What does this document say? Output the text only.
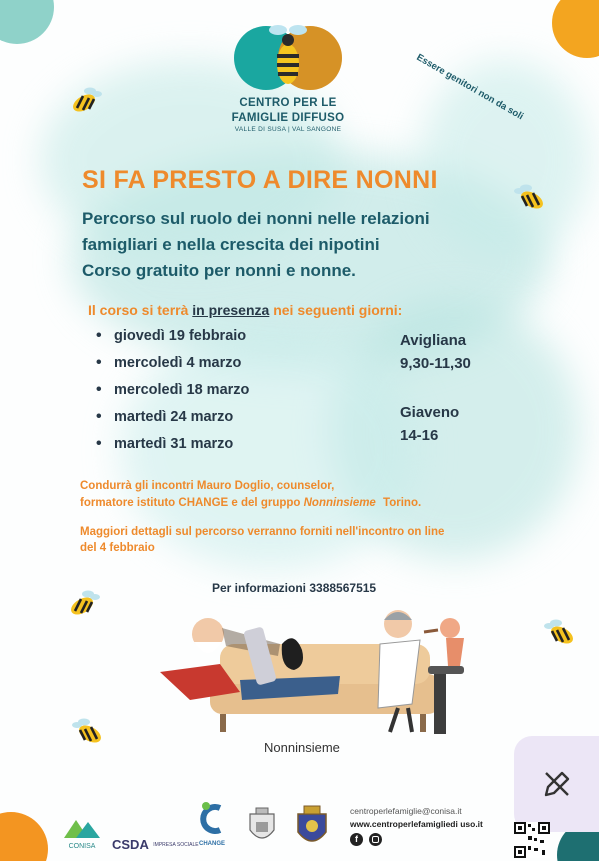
CENTRO PER LE
FAMIGLIE DIFFUSO
VALLE DI SUSA | VAL SANGONE
Essere genitori non da soli
SI FA PRESTO A DIRE NONNI
Percorso sul ruolo dei nonni nelle relazioni
famigliari e nella crescita dei nipotini
Corso gratuito per nonni e nonne.
Il corso si terrà in presenza nei seguenti giorni:
• giovedì 19 febbraio
• mercoledì 4 marzo
• mercoledì 18 marzo
• martedì 24 marzo
• martedì 31 marzo
Avigliana
9,30-11,30
Giaveno
14-16
Condurrà gli incontri Mauro Doglio, counselor,
formatore istituto CHANGE e del gruppo Nonninsieme Torino.
Maggiori dettagli sul percorso verranno forniti nell'incontro on line
del 4 febbraio
Per informazioni 3388567515
Nonninsieme
CONISA	CSDA IMPRESA SOCIALE CHANGE
centroperlefamiglie@conisa.it
www.centroperlefamigliedi uso.it
f
